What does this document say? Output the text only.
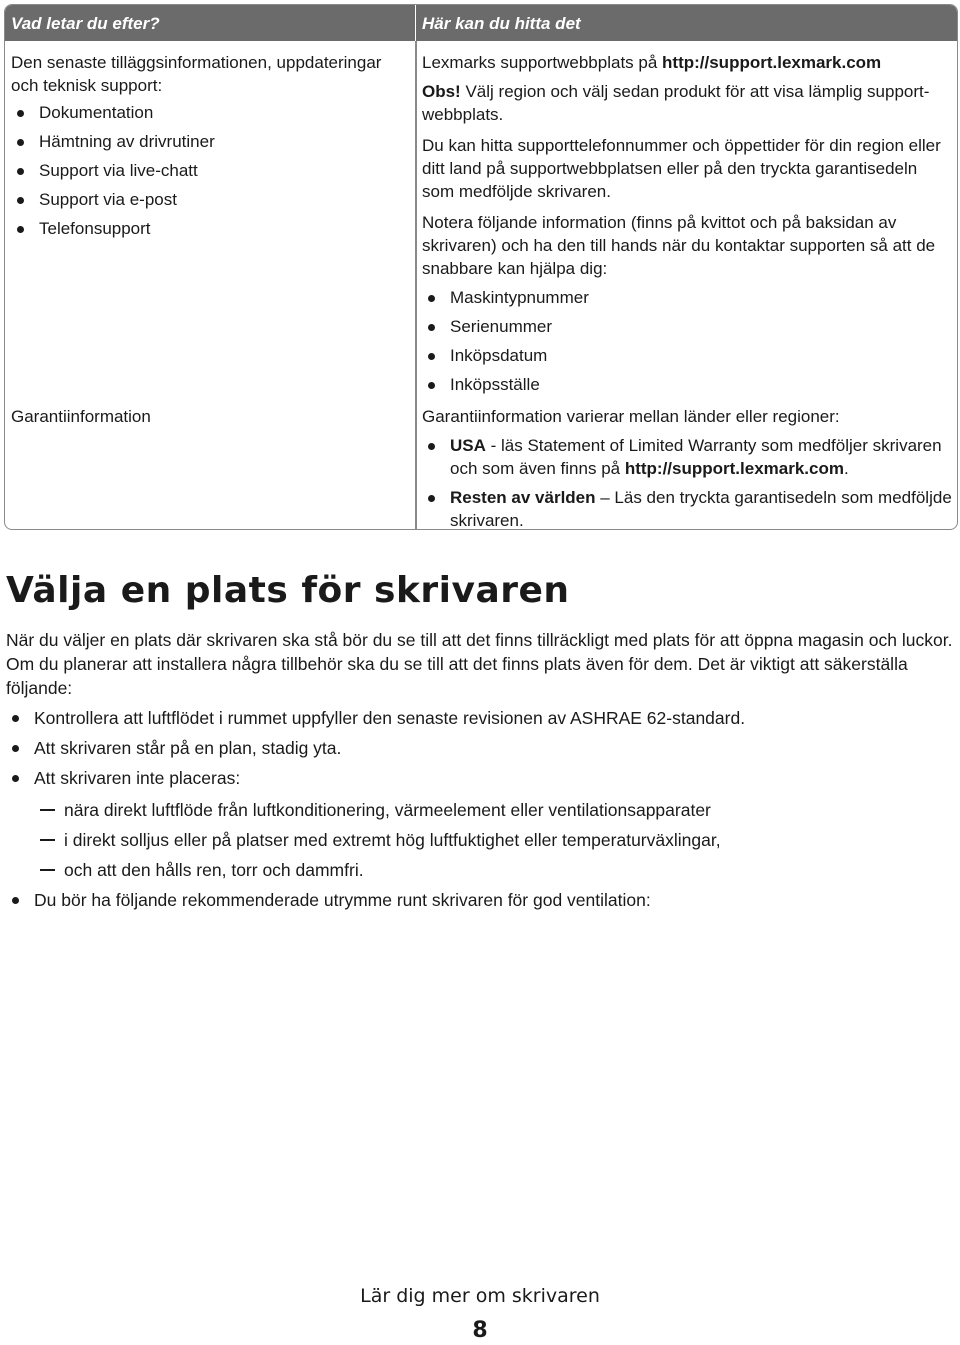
Vad letar du efter?	Här kan du hitta det
Den senaste tilläggsinformationen, uppdateringar och teknisk support:
Dokumentation
Hämtning av drivrutiner
Support via live-chatt
Support via e-post
Telefonsupport

Lexmarks supportwebbplats på http://support.lexmark.com

Obs! Välj region och välj sedan produkt för att visa lämplig supportwebbplats.

Du kan hitta supporttelefonnummer och öppettider för din region eller ditt land på supportwebbplatsen eller på den tryckta garantisedeln som medföljde skrivaren.

Notera följande information (finns på kvittot och på baksidan av skrivaren) och ha den till hands när du kontaktar supporten så att de snabbare kan hjälpa dig:

Maskintypnummer
Serienummer
Inköpsdatum
Inköpsställe
Garantiinformation	Garantiinformation varierar mellan länder eller regioner:

USA - läs Statement of Limited Warranty som medföljer skrivaren och som även finns på http://support.lexmark.com.
Resten av världen – Läs den tryckta garantisedeln som medföljde skrivaren.
Välja en plats för skrivaren

När du väljer en plats där skrivaren ska stå bör du se till att det finns tillräckligt med plats för att öppna magasin och luckor. Om du planerar att installera några tillbehör ska du se till att det finns plats även för dem. Det är viktigt att säkerställa följande:

Kontrollera att luftflödet i rummet uppfyller den senaste revisionen av ASHRAE 62-standard.
Att skrivaren står på en plan, stadig yta.
Att skrivaren inte placeras:
nära direkt luftflöde från luftkonditionering, värmeelement eller ventilationsapparater
i direkt solljus eller på platser med extremt hög luftfuktighet eller temperaturväxlingar,
och att den hålls ren, torr och dammfri.
Du bör ha följande rekommenderade utrymme runt skrivaren för god ventilation:

Lär dig mer om skrivaren

8
